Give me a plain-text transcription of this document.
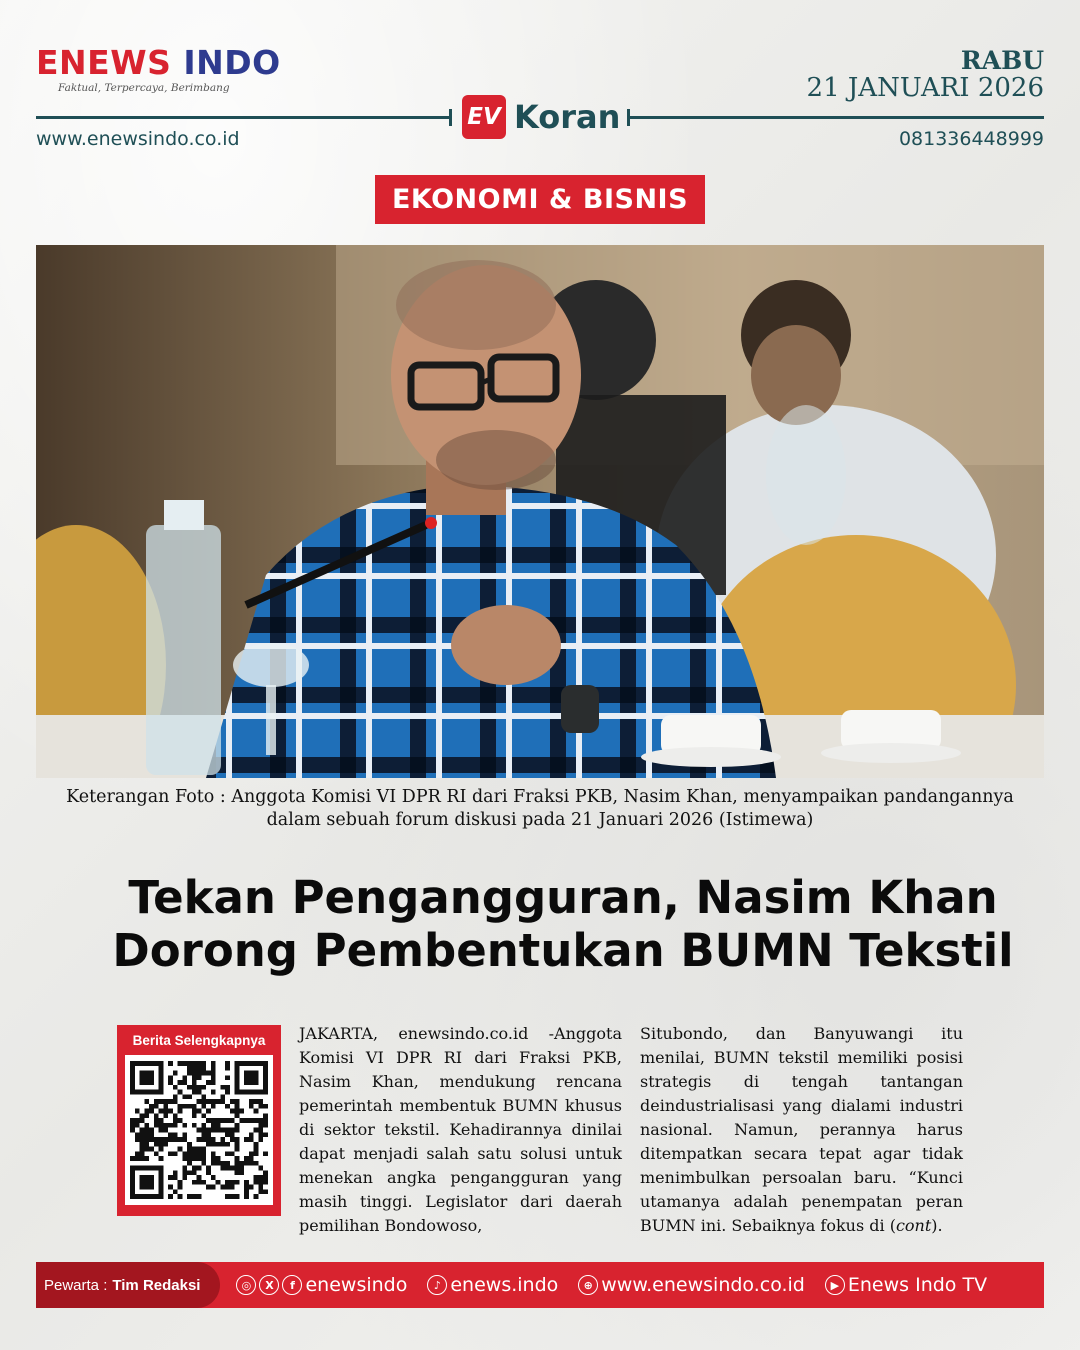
ENEWS INDO
Faktual, Terpercaya, Berimbang
RABU
21 JANUARI 2026
EV Koran
www.enewsindo.co.id	081336448999
EKONOMI & BISNIS
Keterangan Foto : Anggota Komisi VI DPR RI dari Fraksi PKB, Nasim Khan, menyampaikan pandangannya
dalam sebuah forum diskusi pada 21 Januari 2026 (Istimewa)
Tekan Pengangguran, Nasim Khan
Dorong Pembentukan BUMN Tekstil
Berita Selengkapnya	JAKARTA, enewsindo.co.id -Anggota Komisi VI DPR RI dari Fraksi PKB, Nasim Khan, mendukung rencana pemerintah membentuk BUMN khusus di sektor tekstil. Kehadirannya dinilai dapat menjadi salah satu solusi untuk menekan angka pengangguran yang masih tinggi. Legislator dari daerah pemilihan Bondowoso,
Situbondo, dan Banyuwangi itu menilai, BUMN tekstil memiliki posisi strategis di tengah tantangan deindustrialisasi yang dialami industri nasional. Namun, perannya harus ditempatkan secara tepat agar tidak menimbulkan persoalan baru. “Kunci utamanya adalah penempatan peran BUMN ini. Sebaiknya fokus di (cont).
Pewarta : Tim Redaksi	◎	X	f enewsindo	♪ enews.indo	⊕ www.enewsindo.co.id	▶ Enews Indo TV
